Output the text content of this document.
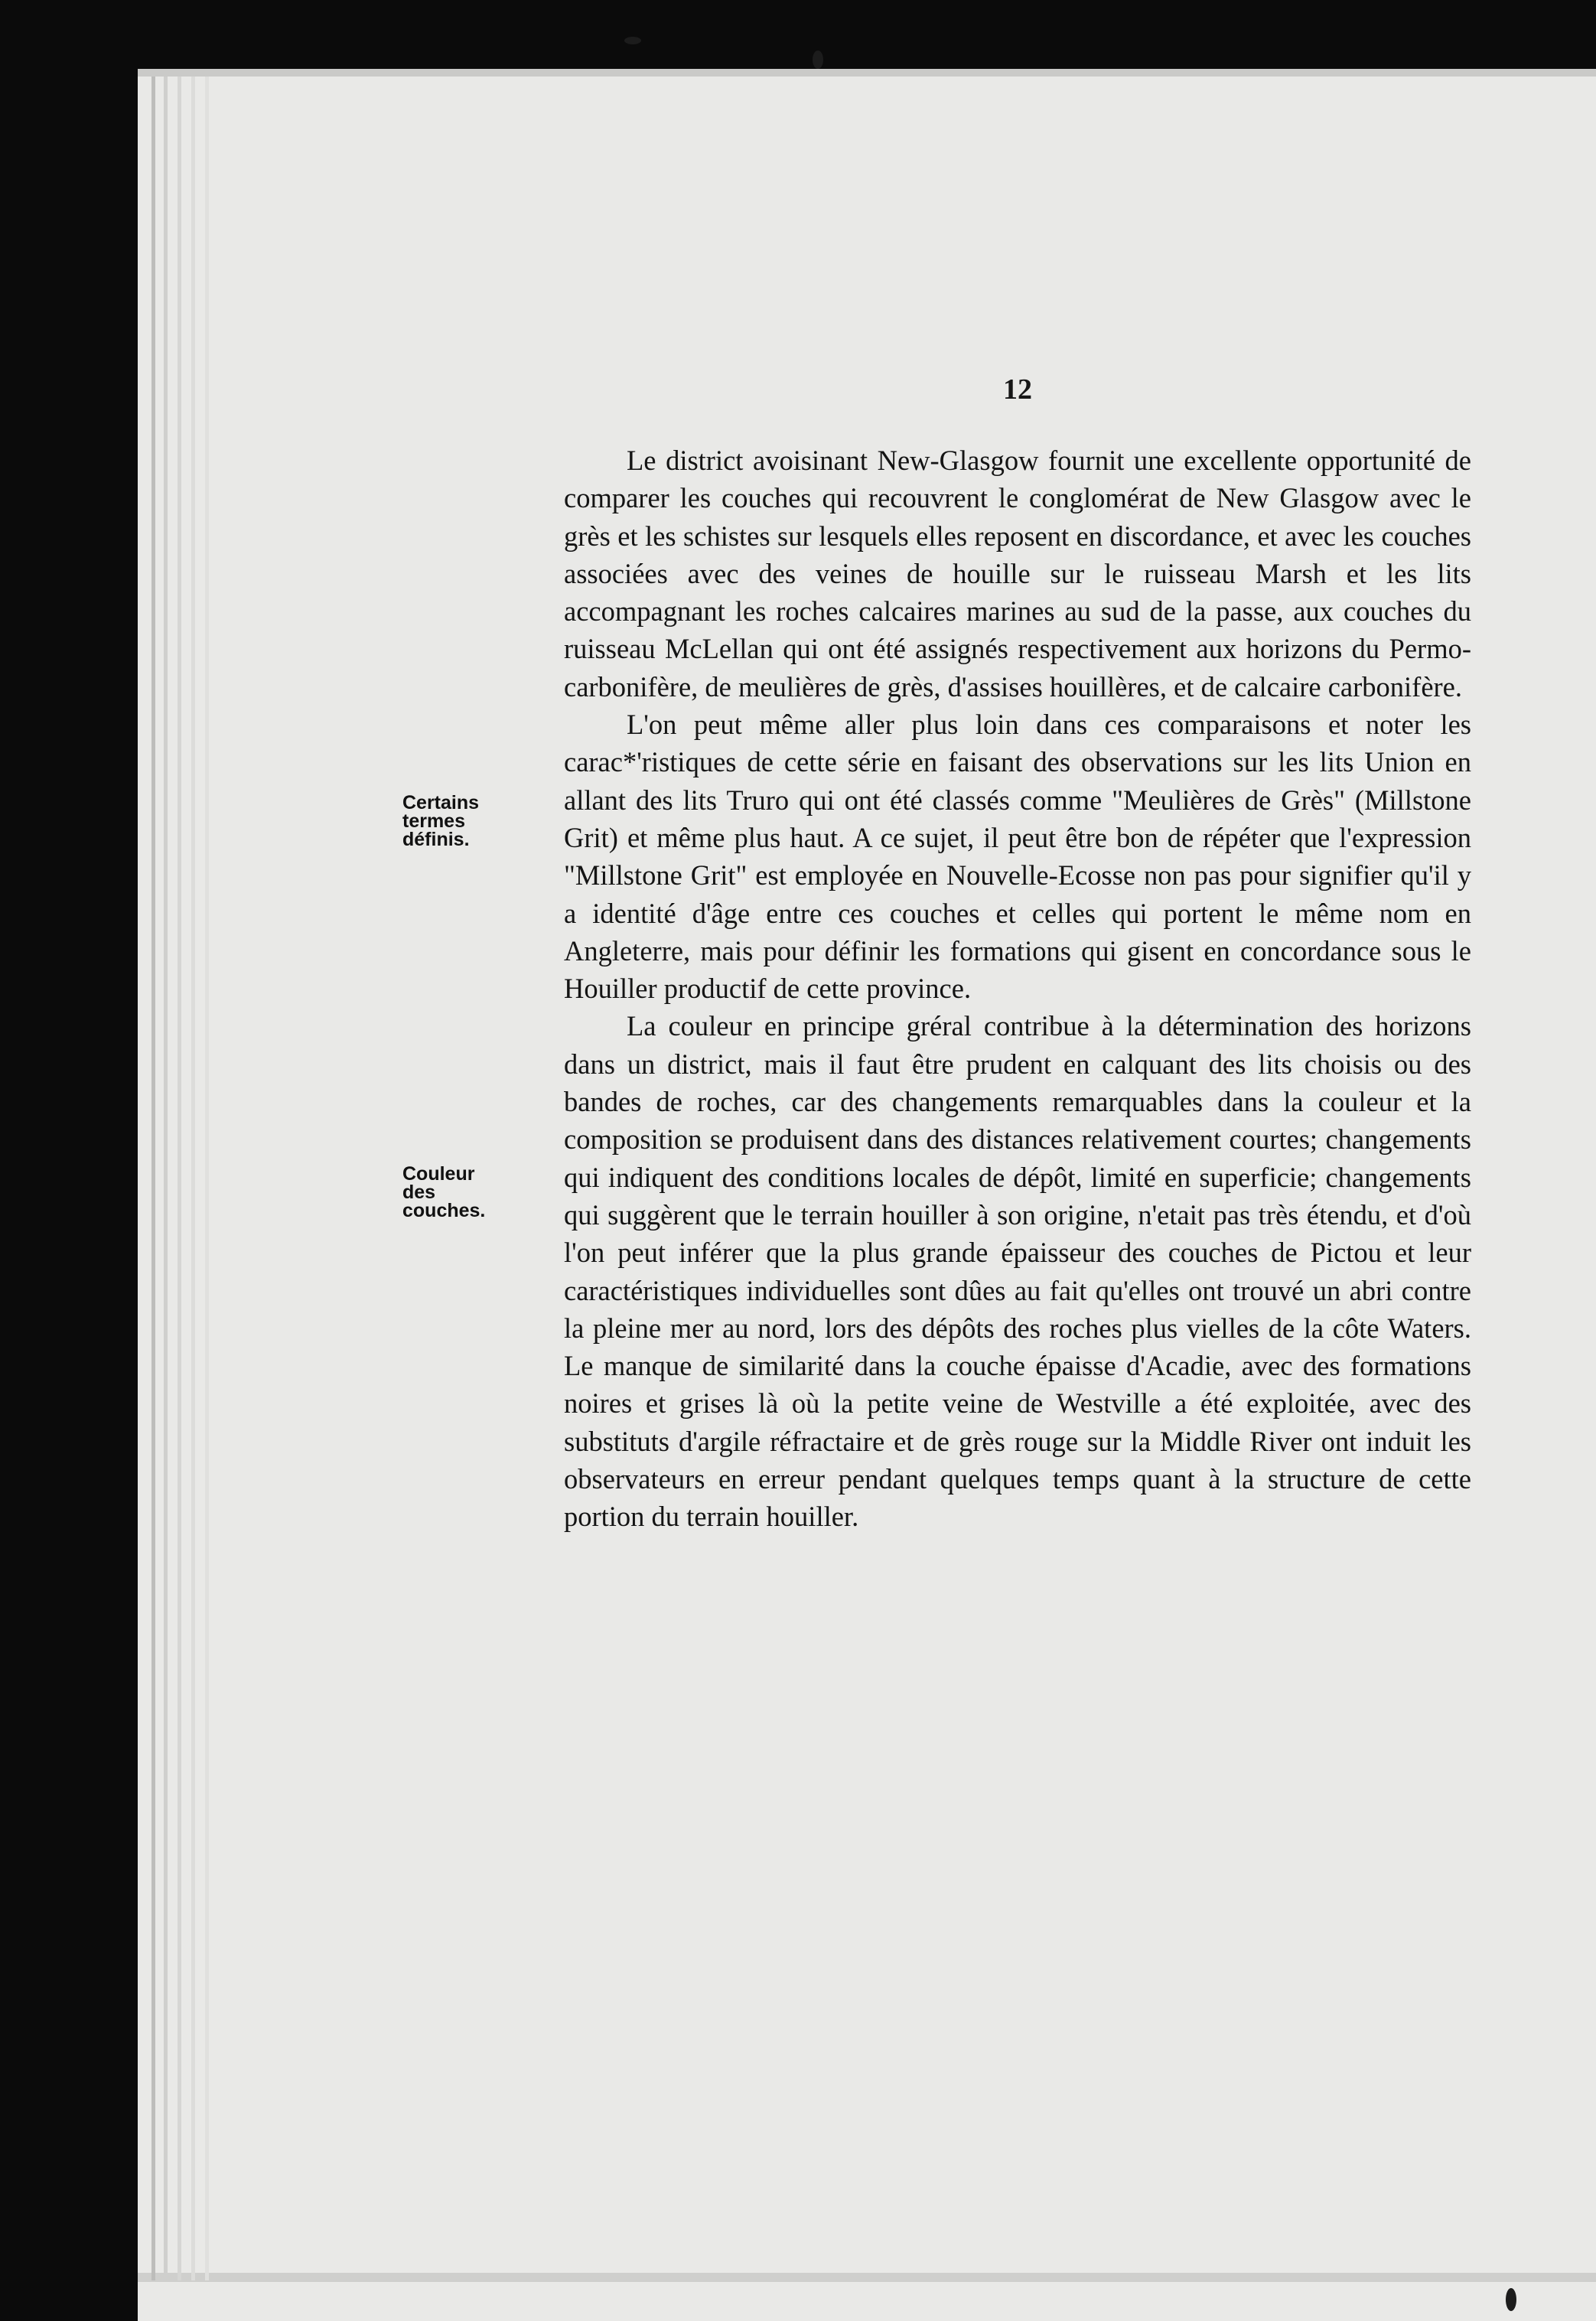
12
Certains
termes
définis.
Couleur
des
couches.

Le district avoisinant New-Glasgow fournit une excellente opportunité de comparer les couches qui recouvrent le conglomérat de New Glasgow avec le grès et les schistes sur lesquels elles reposent en discordance, et avec les couches associées avec des veines de houille sur le ruisseau Marsh et les lits accompagnant les roches calcaires marines au sud de la passe, aux couches du ruisseau McLellan qui ont été assignés respectivement aux horizons du Permo-carbonifère, de meulières de grès, d'assises houillères, et de calcaire carbonifère.

L'on peut même aller plus loin dans ces comparaisons et noter les carac*'ristiques de cette série en faisant des observations sur les lits Union en allant des lits Truro qui ont été classés comme "Meulières de Grès" (Millstone Grit) et même plus haut. A ce sujet, il peut être bon de répéter que l'expression "Millstone Grit" est employée en Nouvelle-Ecosse non pas pour signifier qu'il y a identité d'âge entre ces couches et celles qui portent le même nom en Angleterre, mais pour définir les formations qui gisent en concordance sous le Houiller productif de cette province.

La couleur en principe gréral contribue à la détermination des horizons dans un district, mais il faut être prudent en calquant des lits choisis ou des bandes de roches, car des changements remarquables dans la couleur et la composition se produisent dans des distances relativement courtes; changements qui indiquent des conditions locales de dépôt, limité en superficie; changements qui suggèrent que le terrain houiller à son origine, n'etait pas très étendu, et d'où l'on peut inférer que la plus grande épaisseur des couches de Pictou et leur caractéristiques individuelles sont dûes au fait qu'elles ont trouvé un abri contre la pleine mer au nord, lors des dépôts des roches plus vielles de la côte Waters. Le manque de similarité dans la couche épaisse d'Acadie, avec des formations noires et grises là où la petite veine de Westville a été exploitée, avec des substituts d'argile réfractaire et de grès rouge sur la Middle River ont induit les observateurs en erreur pendant quelques temps quant à la structure de cette portion du terrain houiller.
